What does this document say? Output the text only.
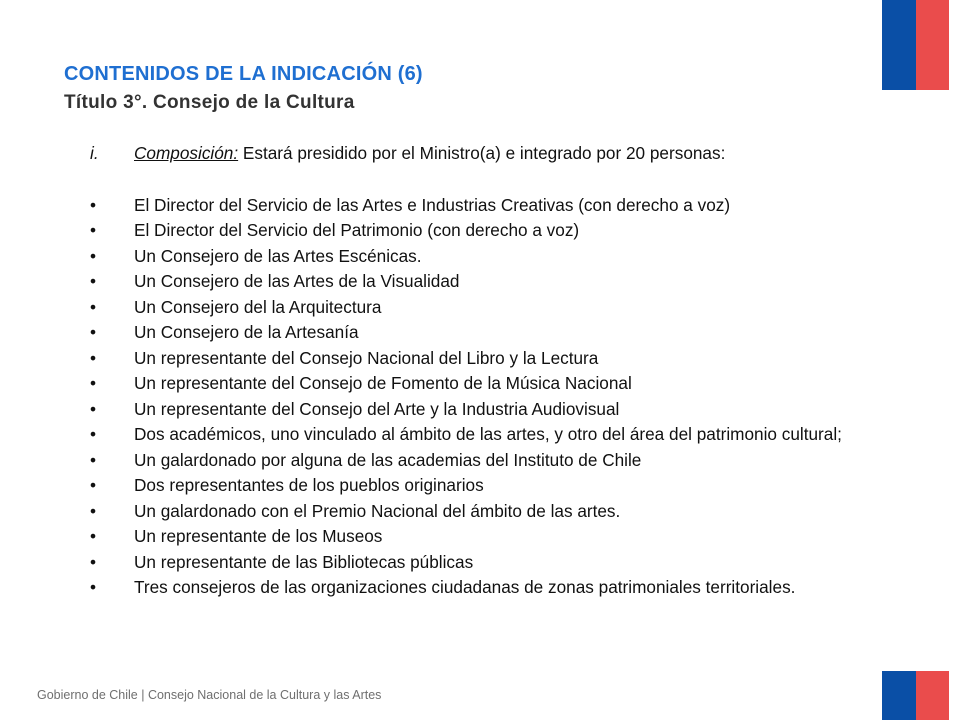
CONTENIDOS DE LA INDICACIÓN (6)
Título 3°. Consejo de la Cultura

i.	Composición: Estará presidido por el Ministro(a) e integrado por 20 personas:

•	El Director del Servicio de las Artes e Industrias Creativas (con derecho a voz)
•	El Director del Servicio del Patrimonio (con derecho a voz)
•	Un Consejero de las Artes Escénicas.
•	Un Consejero de las Artes de la Visualidad
•	Un Consejero del la Arquitectura
•	Un Consejero de la Artesanía
•	Un representante del Consejo Nacional del Libro y la Lectura
•	Un representante del Consejo de Fomento de la Música Nacional
•	Un representante del Consejo del Arte y la Industria Audiovisual
•	Dos académicos, uno vinculado al ámbito de las artes, y otro del área del patrimonio cultural;
•	Un galardonado por alguna de las academias del Instituto de Chile
•	Dos representantes de los pueblos originarios
•	Un galardonado con el Premio Nacional del ámbito de las artes.
•	Un representante de los Museos
•	Un representante de las Bibliotecas públicas
•	Tres consejeros de las organizaciones ciudadanas de zonas patrimoniales territoriales.
Gobierno de Chile | Consejo Nacional de la Cultura y las Artes
